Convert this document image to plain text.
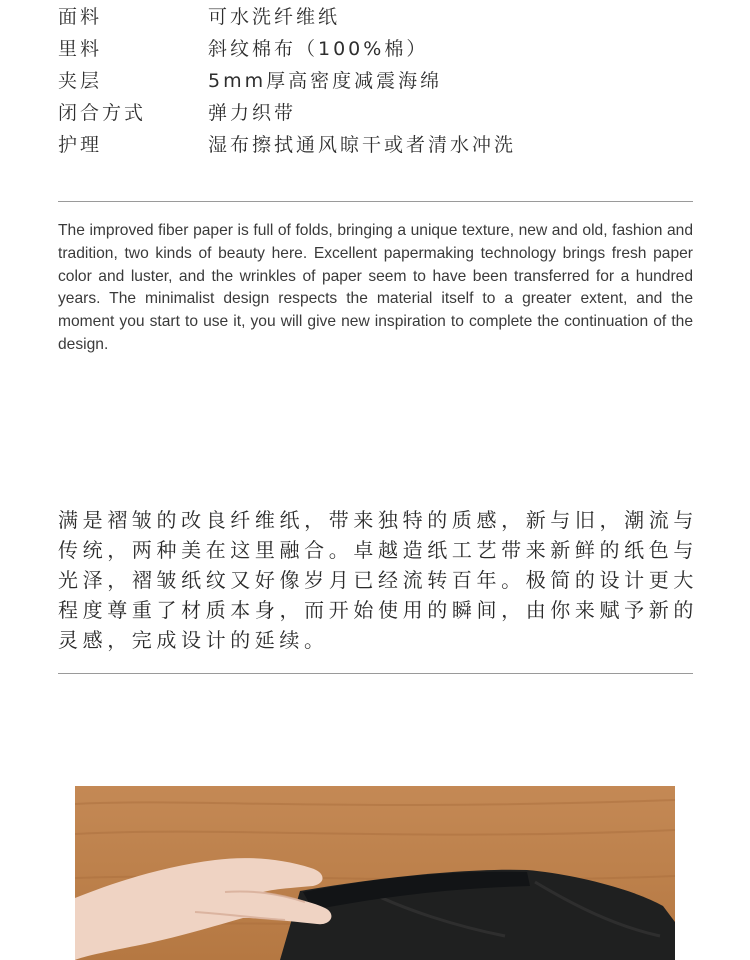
面料	可水洗纤维纸
里料	斜纹棉布（100%棉）
夹层	5mm厚高密度减震海绵
闭合方式	弹力织带
护理	湿布擦拭通风晾干或者清水冲洗

The improved fiber paper is full of folds, bringing a unique texture, new and old, fashion and tradition, two kinds of beauty here. Excellent papermaking technology brings fresh paper color and luster, and the wrinkles of paper seem to have been transferred for a hundred years. The minimalist design respects the material itself to a greater extent, and the moment you start to use it, you will give new inspiration to complete the continuation of the design.

满是褶皱的改良纤维纸，带来独特的质感，新与旧，潮流与传统，两种美在这里融合。卓越造纸工艺带来新鲜的纸色与光泽，褶皱纸纹又好像岁月已经流转百年。极简的设计更大程度尊重了材质本身，而开始使用的瞬间，由你来赋予新的灵感，完成设计的延续。
